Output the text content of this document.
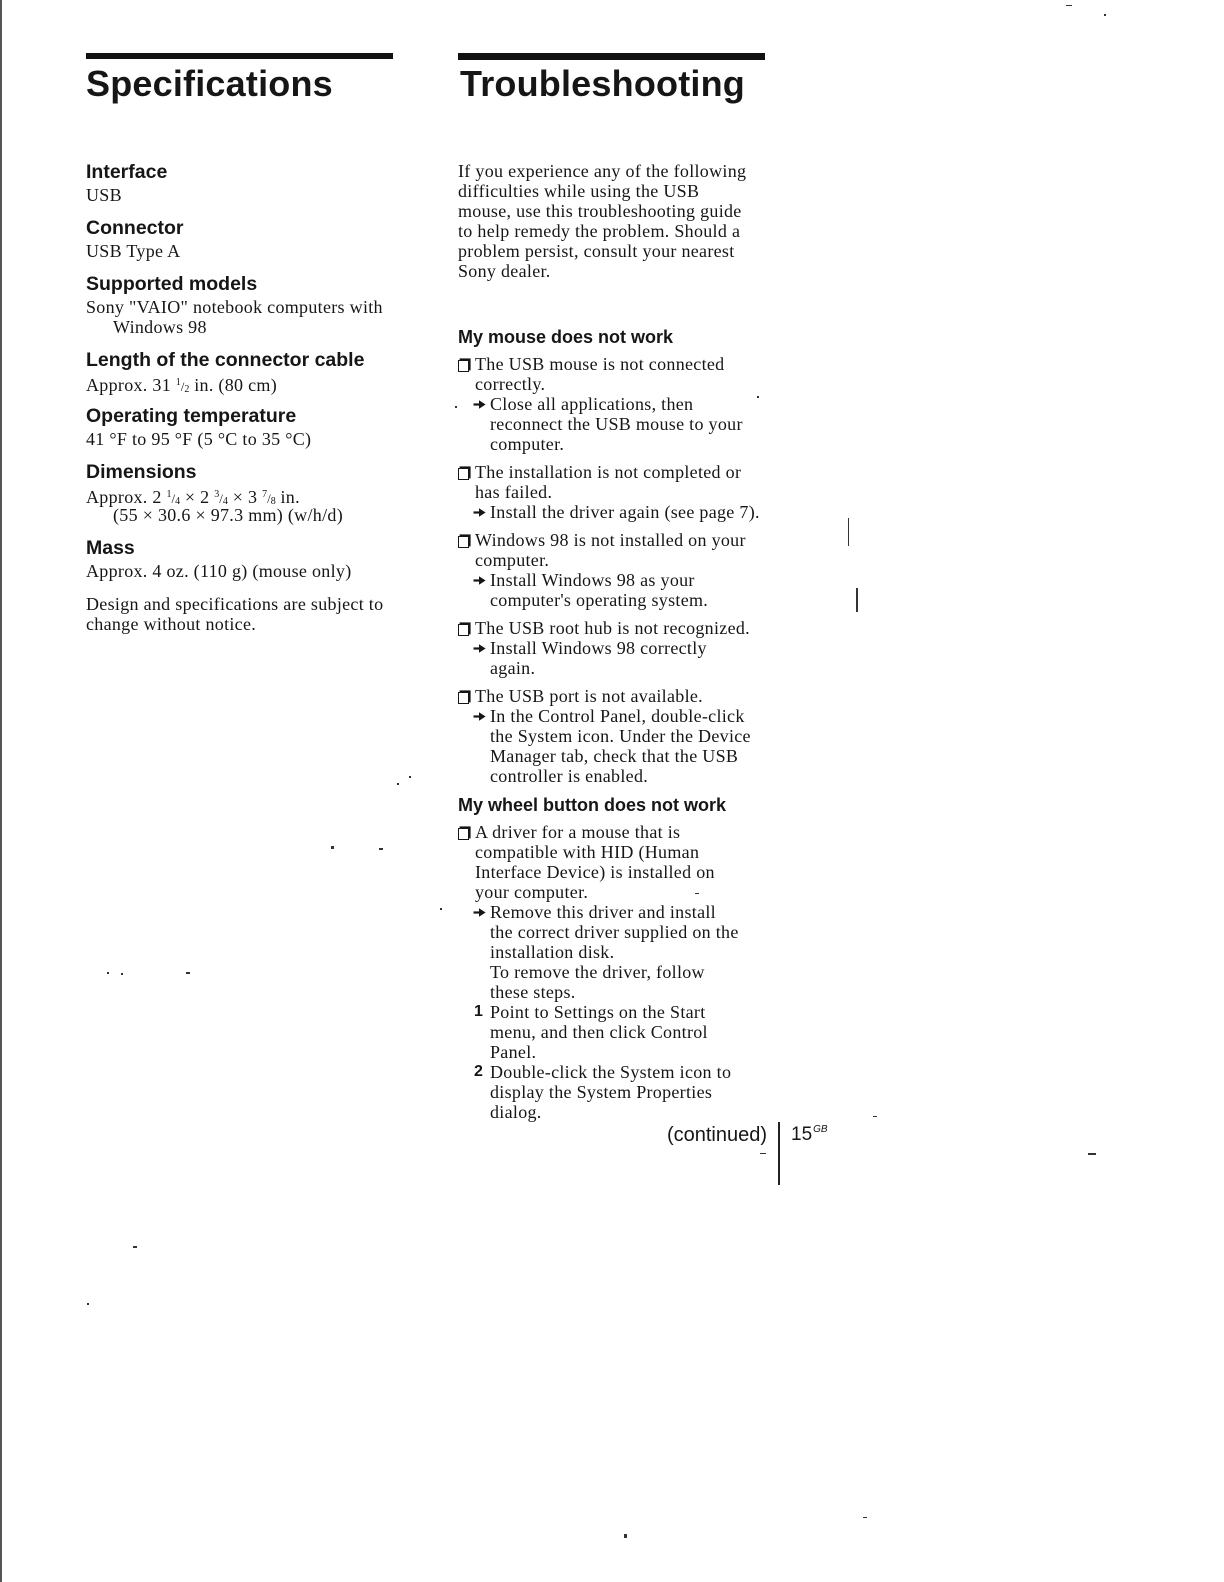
Specifications	Troubleshooting
Interface
USB
Connector
USB Type A
Supported models
Sony "VAIO" notebook computers with
Windows 98
Length of the connector cable
Approx. 31 $^1$/2 in. (80 cm)
Operating temperature
41 °F to 95 °F (5 °C to 35 °C)
Dimensions
Approx. 2 $^1$/4 × 2 $^3$/4 × 3 $^7$/8 in.
(55 × 30.6 × 97.3 mm) (w/h/d)
Mass
Approx. 4 oz. (110 g) (mouse only)
Design and specifications are subject to
change without notice.
If you experience any of the following
difficulties while using the USB
mouse, use this troubleshooting guide
to help remedy the problem. Should a
problem persist, consult your nearest
Sony dealer.
My mouse does not work
The USB mouse is not connected
correctly.
Close all applications, then
reconnect the USB mouse to your
computer.
The installation is not completed or
has failed.
Install the driver again (see page 7).
Windows 98 is not installed on your
computer.
Install Windows 98 as your
computer's operating system.
The USB root hub is not recognized.
Install Windows 98 correctly
again.
The USB port is not available.
In the Control Panel, double-click
the System icon. Under the Device
Manager tab, check that the USB
controller is enabled.
My wheel button does not work
A driver for a mouse that is
compatible with HID (Human
Interface Device) is installed on
your computer.
Remove this driver and install
the correct driver supplied on the
installation disk.
To remove the driver, follow
these steps.
1 Point to Settings on the Start
menu, and then click Control
Panel.
2 Double-click the System icon to
display the System Properties
dialog.
(continued) $15^{GB}$
